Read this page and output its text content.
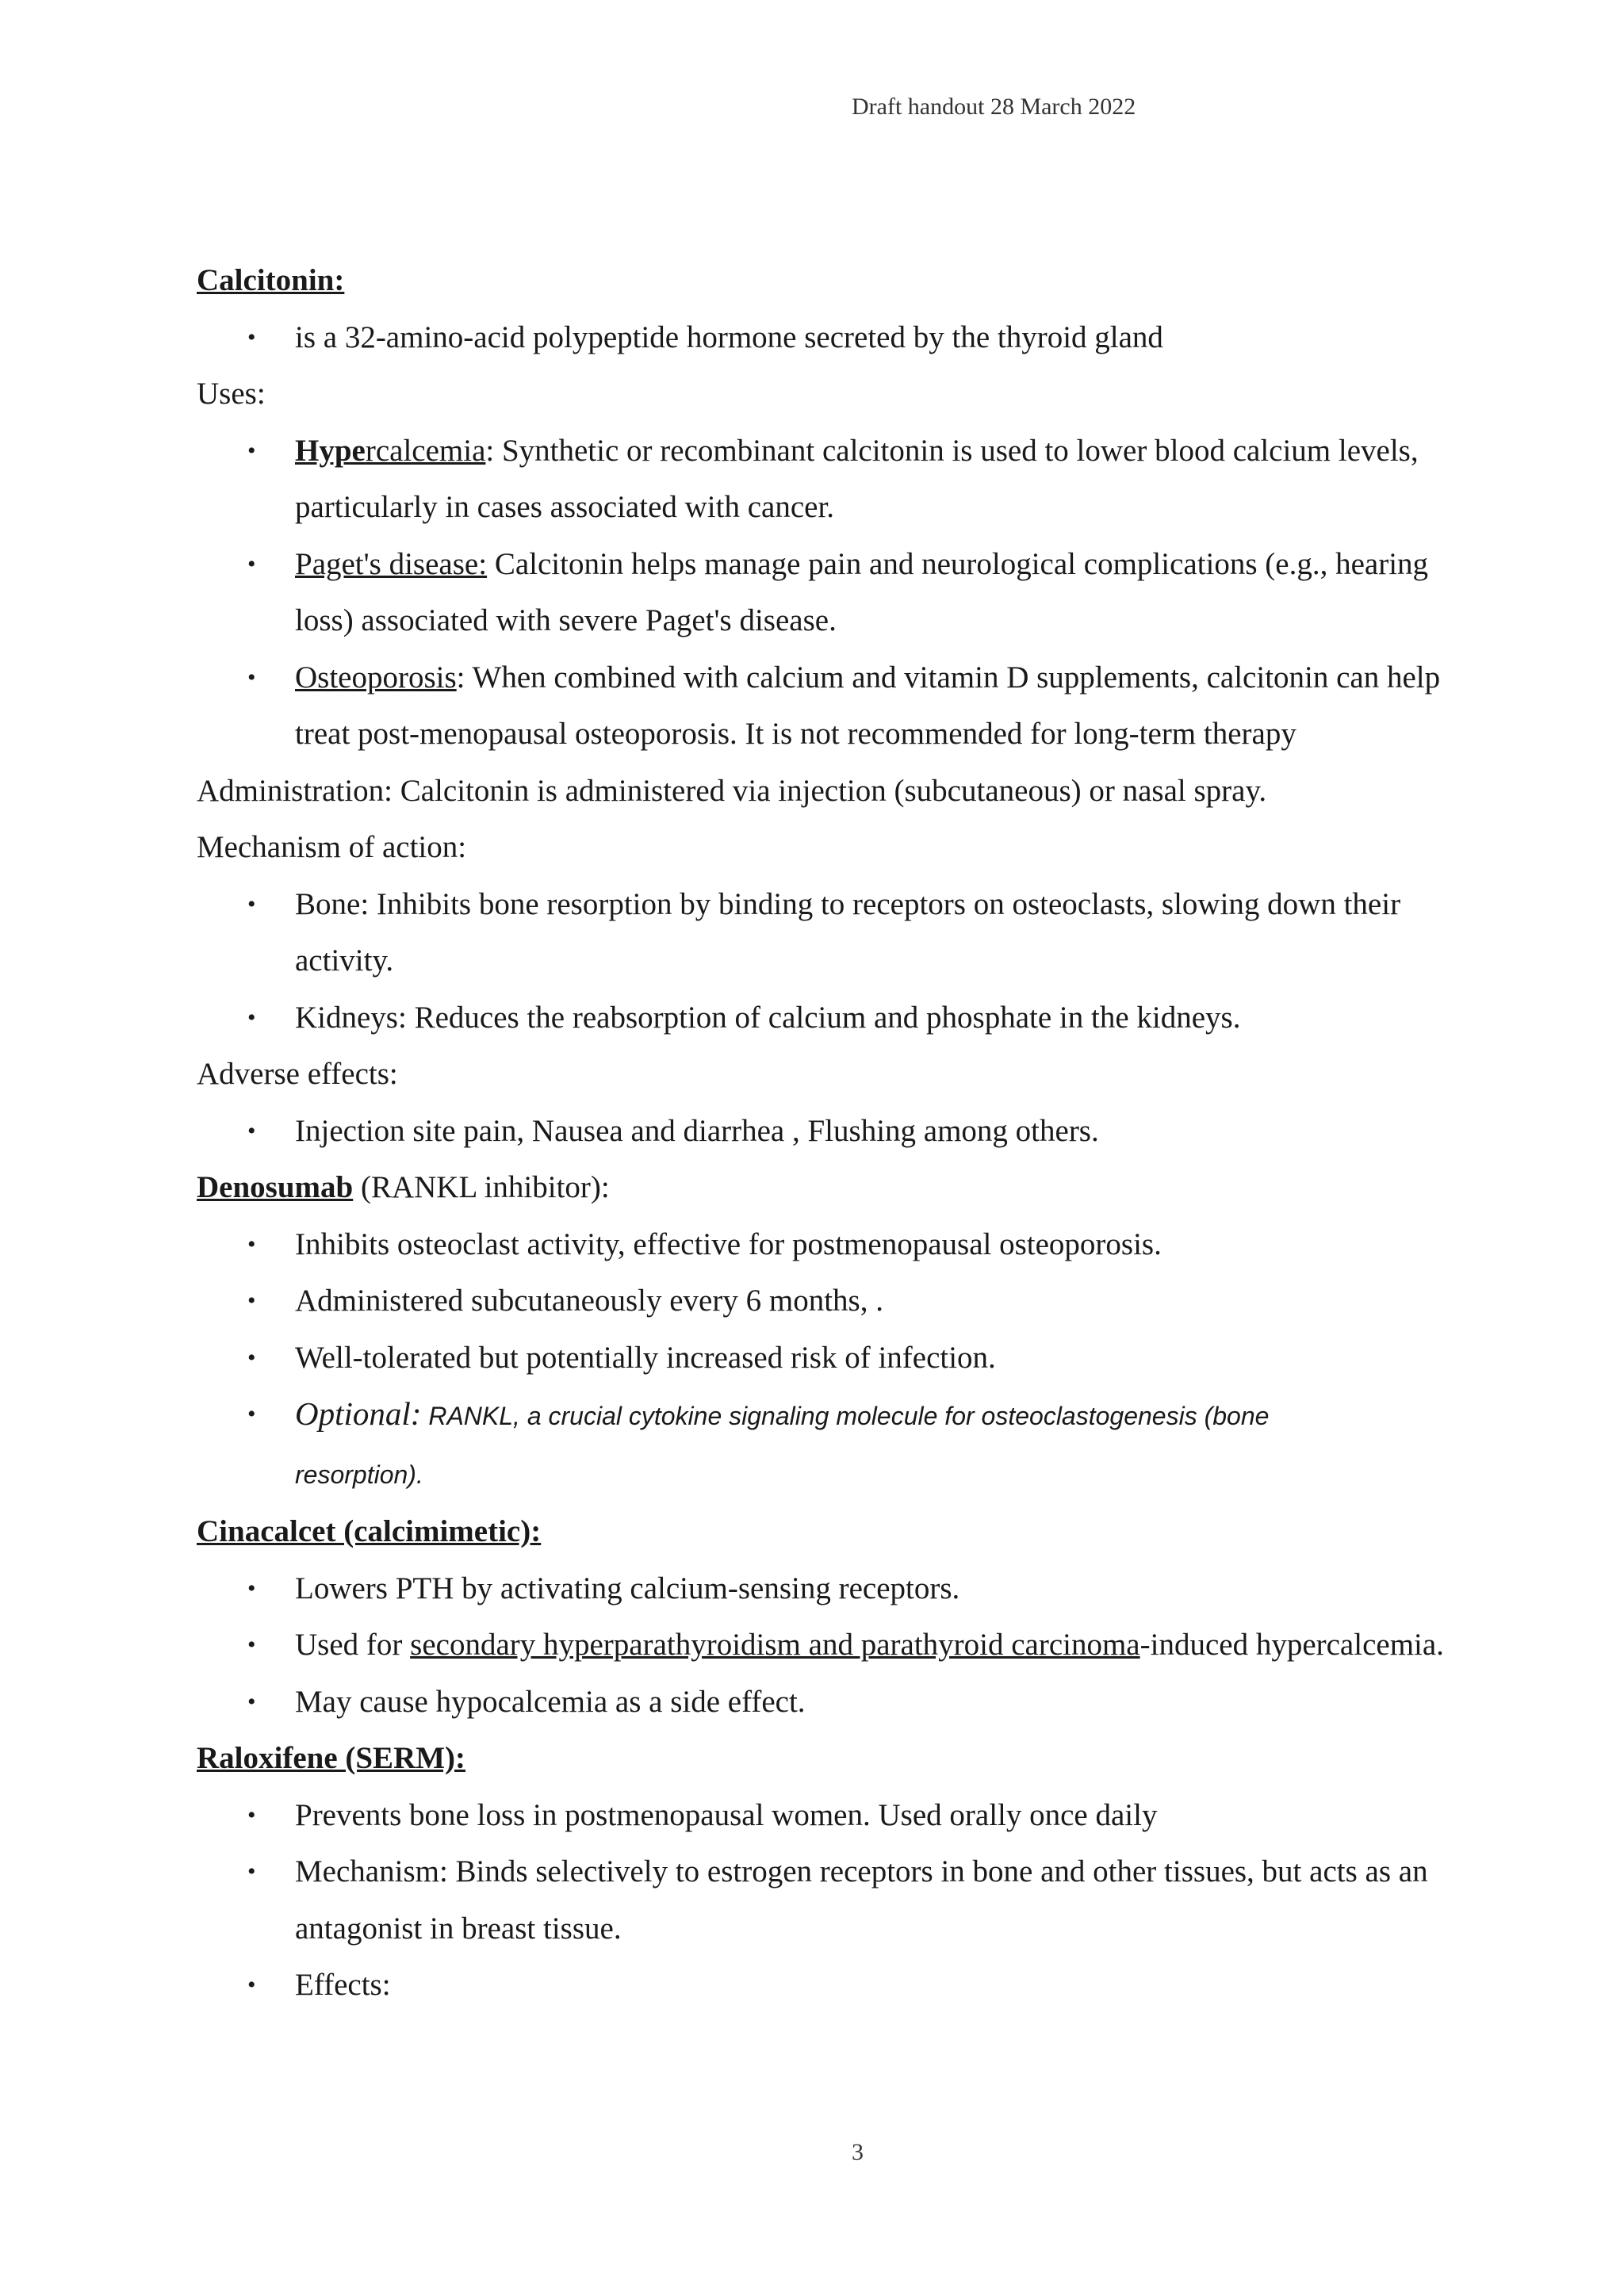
Draft handout 28 March 2022

Calcitonin:

• is a 32-amino-acid polypeptide hormone secreted by the thyroid gland

Uses:

• Hypercalcemia: Synthetic or recombinant calcitonin is used to lower blood calcium levels, particularly in cases associated with cancer.
• Paget's disease: Calcitonin helps manage pain and neurological complications (e.g., hearing loss) associated with severe Paget's disease.
• Osteoporosis: When combined with calcium and vitamin D supplements, calcitonin can help treat post-menopausal osteoporosis. It is not recommended for long-term therapy

Administration: Calcitonin is administered via injection (subcutaneous) or nasal spray.

Mechanism of action:

• Bone: Inhibits bone resorption by binding to receptors on osteoclasts, slowing down their activity.
• Kidneys: Reduces the reabsorption of calcium and phosphate in the kidneys.

Adverse effects:

• Injection site pain, Nausea and diarrhea , Flushing among others.

Denosumab (RANKL inhibitor):

• Inhibits osteoclast activity, effective for postmenopausal osteoporosis.
• Administered subcutaneously every 6 months, .
• Well-tolerated but potentially increased risk of infection.
• Optional: RANKL, a crucial cytokine signaling molecule for osteoclastogenesis (bone
resorption).

Cinacalcet (calcimimetic):

• Lowers PTH by activating calcium-sensing receptors.
• Used for secondary hyperparathyroidism and parathyroid carcinoma-induced hypercalcemia.
• May cause hypocalcemia as a side effect.

Raloxifene (SERM):

• Prevents bone loss in postmenopausal women. Used orally once daily
• Mechanism: Binds selectively to estrogen receptors in bone and other tissues, but acts as an antagonist in breast tissue.
• Effects:
3
